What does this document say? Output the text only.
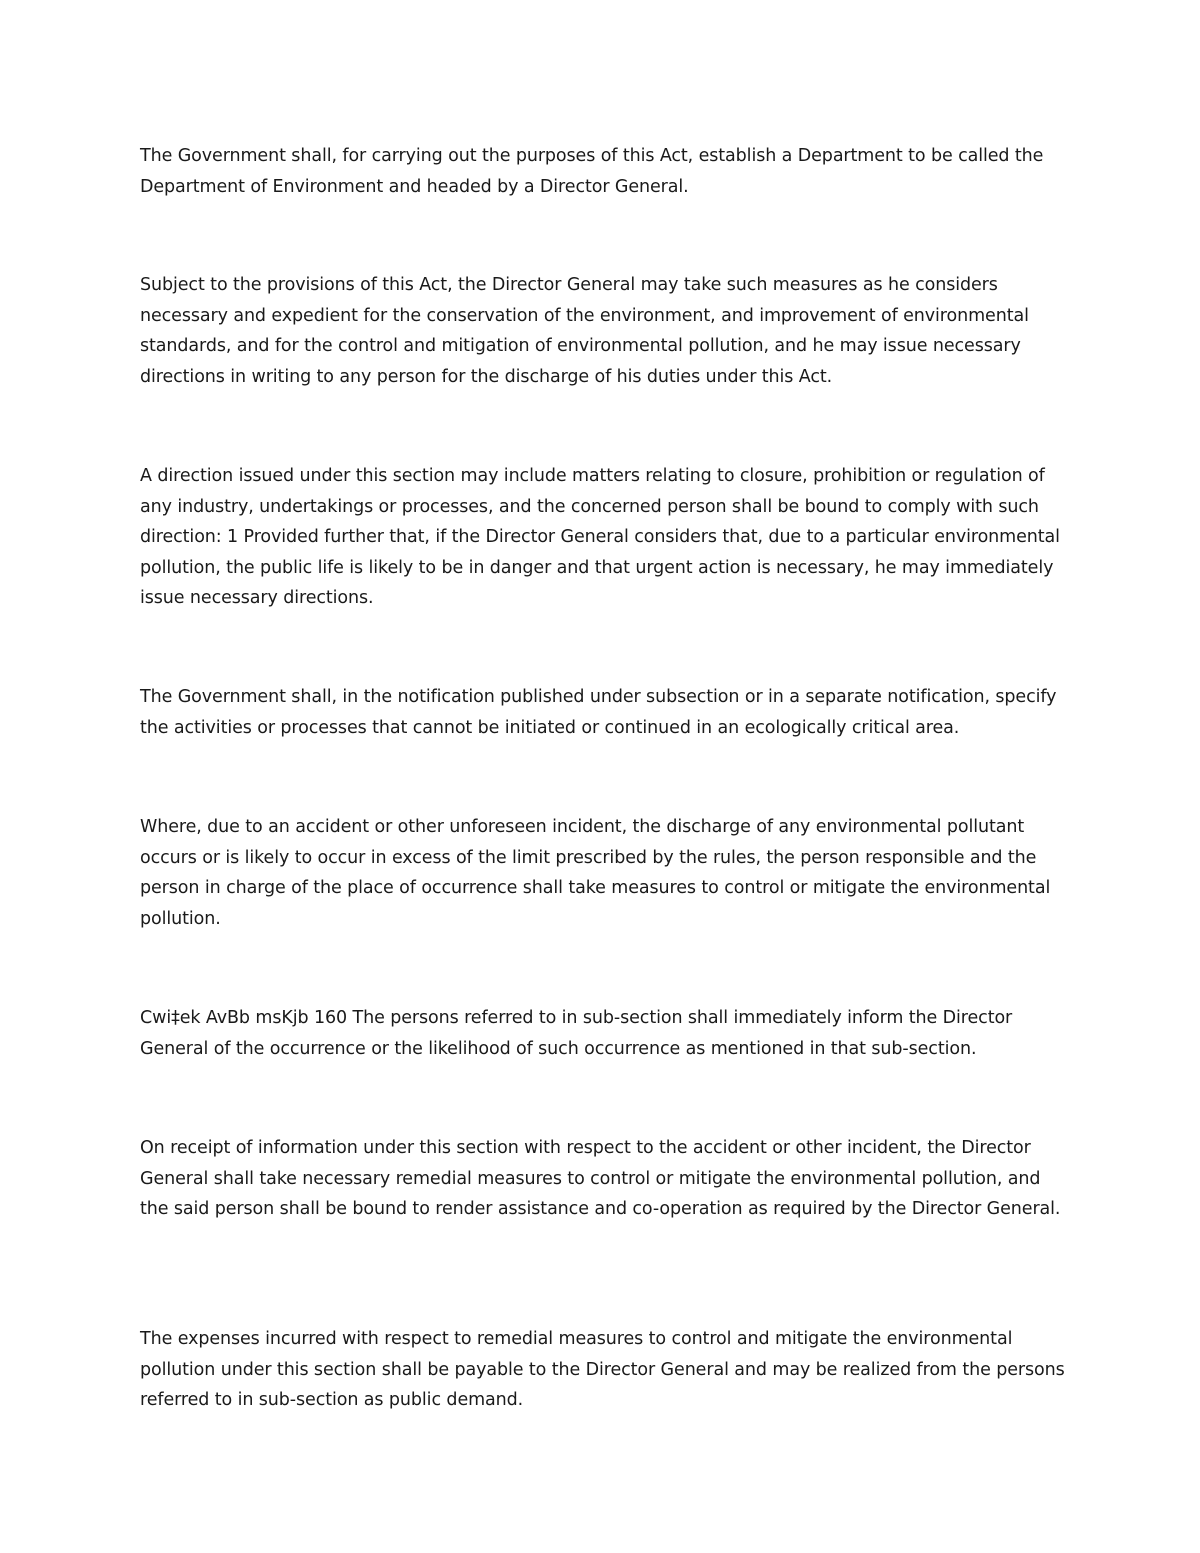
The Government shall, for carrying out the purposes of this Act, establish a Department to be called the Department of Environment and headed by a Director General.

Subject to the provisions of this Act, the Director General may take such measures as he considers necessary and expedient for the conservation of the environment, and improvement of environmental standards, and for the control and mitigation of environmental pollution, and he may issue necessary directions in writing to any person for the discharge of his duties under this Act.

A direction issued under this section may include matters relating to closure, prohibition or regulation of any industry, undertakings or processes, and the concerned person shall be bound to comply with such direction: 1 Provided further that, if the Director General considers that, due to a particular environmental pollution, the public life is likely to be in danger and that urgent action is necessary, he may immediately issue necessary directions.

The Government shall, in the notification published under subsection or in a separate notification, specify the activities or processes that cannot be initiated or continued in an ecologically critical area.

Where, due to an accident or other unforeseen incident, the discharge of any environmental pollutant occurs or is likely to occur in excess of the limit prescribed by the rules, the person responsible and the person in charge of the place of occurrence shall take measures to control or mitigate the environmental pollution.

Cwi‡ek AvBb msKjb 160 The persons referred to in sub-section shall immediately inform the Director General of the occurrence or the likelihood of such occurrence as mentioned in that sub-section.

On receipt of information under this section with respect to the accident or other incident, the Director General shall take necessary remedial measures to control or mitigate the environmental pollution, and the said person shall be bound to render assistance and co-operation as required by the Director General.

The expenses incurred with respect to remedial measures to control and mitigate the environmental pollution under this section shall be payable to the Director General and may be realized from the persons referred to in sub-section as public demand.
